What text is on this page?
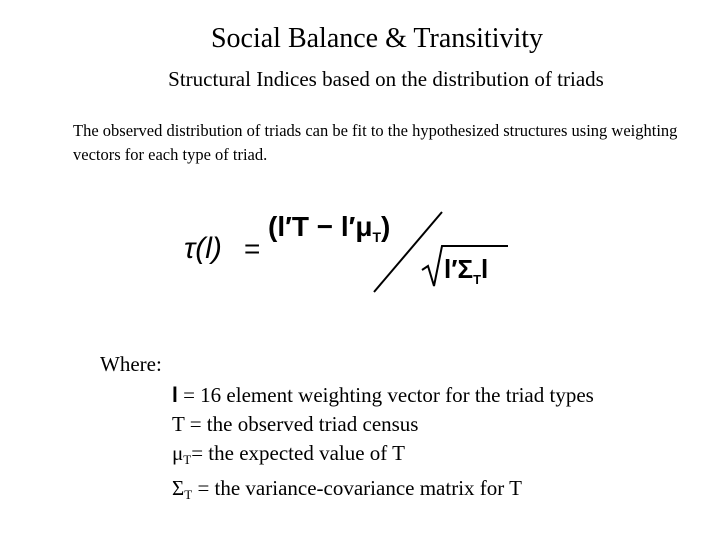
Social Balance & Transitivity
Structural Indices based on the distribution of triads
The observed distribution of triads can be fit to the hypothesized structures using weighting vectors for each type of triad.
τ(l) =
$(l'T - l'\mu_T)$
$l'\Sigma_Tl$
Where:
l = 16 element weighting vector for the triad types
T = the observed triad census
$\mu_T=$ the expected value of T
$\Sigma_T$ = the variance-covariance matrix for T
